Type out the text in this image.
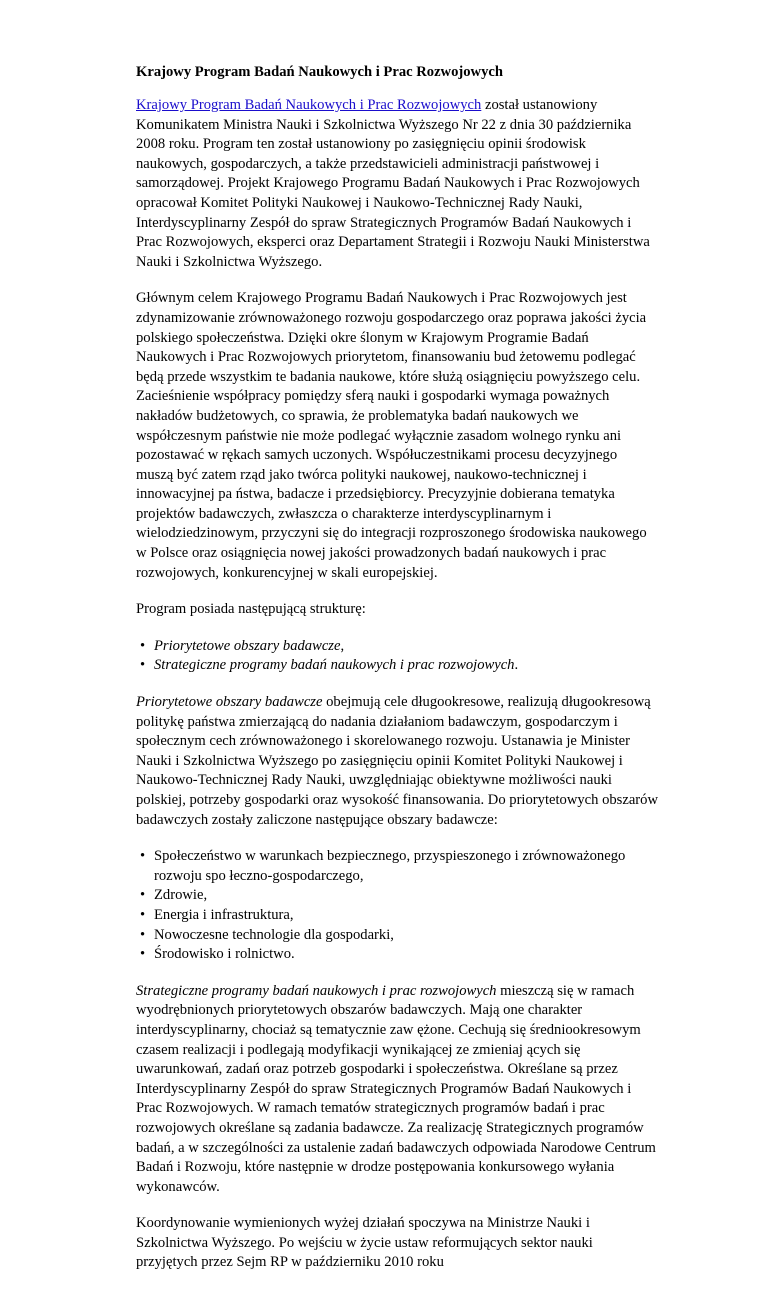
Krajowy Program Badań Naukowych i Prac Rozwojowych

Krajowy Program Badań Naukowych i Prac Rozwojowych został ustanowiony Komunikatem Ministra Nauki i Szkolnictwa Wyższego Nr 22 z dnia 30 października 2008 roku. Program ten został ustanowiony po zasięgnięciu opinii środowisk naukowych, gospodarczych, a także przedstawicieli administracji państwowej i samorządowej. Projekt Krajowego Programu Badań Naukowych i Prac Rozwojowych opracował Komitet Polityki Naukowej i Naukowo-Technicznej Rady Nauki, Interdyscyplinarny Zespół do spraw Strategicznych Programów Badań Naukowych i Prac Rozwojowych, eksperci oraz Departament Strategii i Rozwoju Nauki Ministerstwa Nauki i Szkolnictwa Wyższego.

Głównym celem Krajowego Programu Badań Naukowych i Prac Rozwojowych jest zdynamizowanie zrównoważonego rozwoju gospodarczego oraz poprawa jakości życia polskiego społeczeństwa. Dzięki okre ślonym w Krajowym Programie Badań Naukowych i Prac Rozwojowych priorytetom, finansowaniu bud żetowemu podlegać będą przede wszystkim te badania naukowe, które służą osiągnięciu powyższego celu. Zacieśnienie współpracy pomiędzy sferą nauki i gospodarki wymaga poważnych nakładów budżetowych, co sprawia, że problematyka badań naukowych we współczesnym państwie nie może podlegać wyłącznie zasadom wolnego rynku ani pozostawać w rękach samych uczonych. Współuczestnikami procesu decyzyjnego muszą być zatem rząd jako twórca polityki naukowej, naukowo-technicznej i innowacyjnej pa ństwa, badacze i przedsiębiorcy. Precyzyjnie dobierana tematyka projektów badawczych, zwłaszcza o charakterze interdyscyplinarnym i wielodziedzinowym, przyczyni się do integracji rozproszonego środowiska naukowego w Polsce oraz osiągnięcia nowej jakości prowadzonych badań naukowych i prac rozwojowych, konkurencyjnej w skali europejskiej.

Program posiada następującą strukturę:

• Priorytetowe obszary badawcze,
• Strategiczne programy badań naukowych i prac rozwojowych.

Priorytetowe obszary badawcze obejmują cele długookresowe, realizują długookresową politykę państwa zmierzającą do nadania działaniom badawczym, gospodarczym i społecznym cech zrównoważonego i skorelowanego rozwoju. Ustanawia je Minister Nauki i Szkolnictwa Wyższego po zasięgnięciu opinii Komitet Polityki Naukowej i Naukowo-Technicznej Rady Nauki, uwzględniając obiektywne możliwości nauki polskiej, potrzeby gospodarki oraz wysokość finansowania. Do priorytetowych obszarów badawczych zostały zaliczone następujące obszary badawcze:

• Społeczeństwo w warunkach bezpiecznego, przyspieszonego i zrównoważonego rozwoju spo łeczno-gospodarczego,
• Zdrowie,
• Energia i infrastruktura,
• Nowoczesne technologie dla gospodarki,
• Środowisko i rolnictwo.

Strategiczne programy badań naukowych i prac rozwojowych mieszczą się w ramach wyodrębnionych priorytetowych obszarów badawczych. Mają one charakter interdyscyplinarny, chociaż są tematycznie zaw ężone. Cechują się średniookresowym czasem realizacji i podlegają modyfikacji wynikającej ze zmieniaj ących się uwarunkowań, zadań oraz potrzeb gospodarki i społeczeństwa. Określane są przez Interdyscyplinarny Zespół do spraw Strategicznych Programów Badań Naukowych i Prac Rozwojowych. W ramach tematów strategicznych programów badań i prac rozwojowych określane są zadania badawcze. Za realizację Strategicznych programów badań, a w szczególności za ustalenie zadań badawczych odpowiada Narodowe Centrum Badań i Rozwoju, które następnie w drodze postępowania konkursowego wyłania wykonawców.

Koordynowanie wymienionych wyżej działań spoczywa na Ministrze Nauki i Szkolnictwa Wyższego. Po wejściu w życie ustaw reformujących sektor nauki przyjętych przez Sejm RP w październiku 2010 roku
